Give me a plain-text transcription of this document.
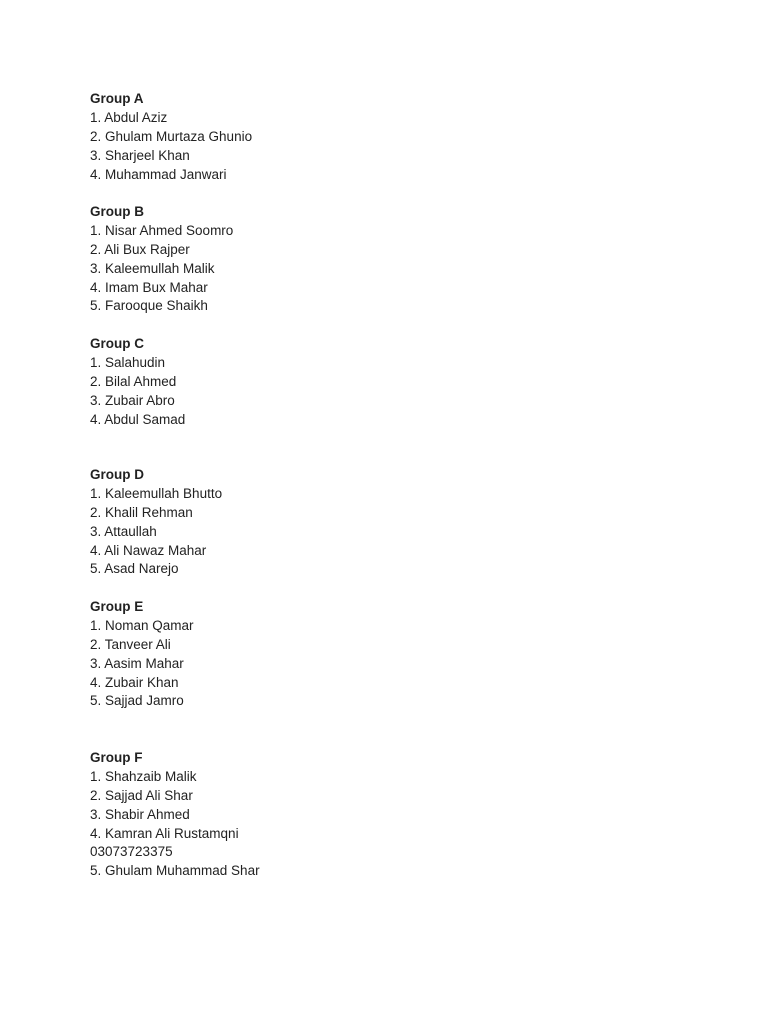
Group A
1. Abdul Aziz
2. Ghulam Murtaza Ghunio
3. Sharjeel Khan
4. Muhammad Janwari
Group B
1. Nisar Ahmed Soomro
2. Ali Bux Rajper
3. Kaleemullah Malik
4. Imam Bux Mahar
5. Farooque Shaikh
Group C
1. Salahudin
2. Bilal Ahmed
3. Zubair Abro
4. Abdul Samad
Group D
1. Kaleemullah Bhutto
2. Khalil Rehman
3. Attaullah
4. Ali Nawaz Mahar
5. Asad Narejo
Group E
1. Noman Qamar
2. Tanveer Ali
3. Aasim Mahar
4. Zubair Khan
5. Sajjad Jamro
Group F
1. Shahzaib Malik
2. Sajjad Ali Shar
3. Shabir Ahmed
4. Kamran Ali Rustamqni
03073723375
5. Ghulam Muhammad Shar
